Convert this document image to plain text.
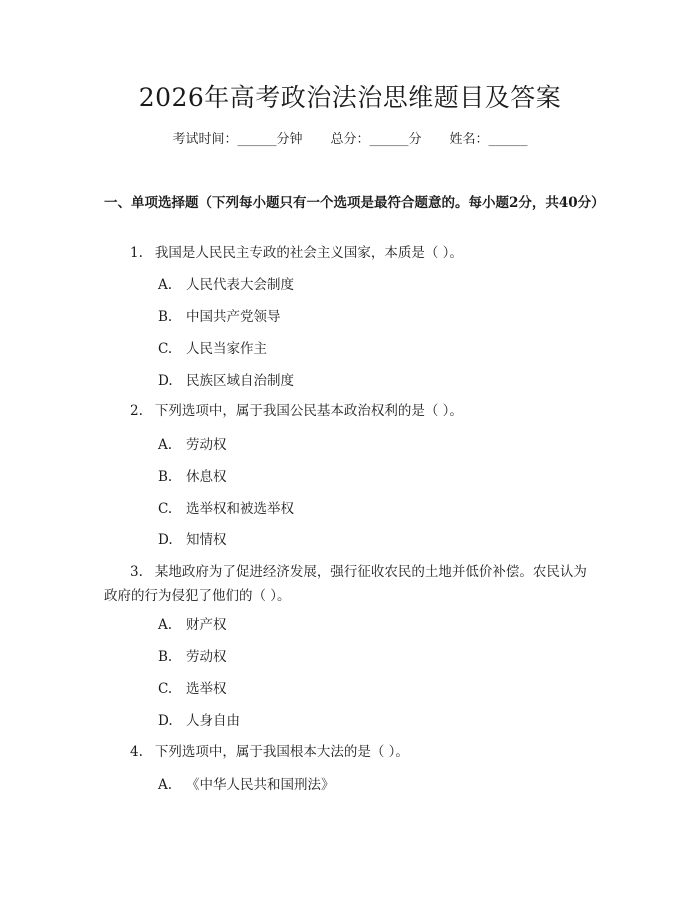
2026年高考政治法治思维题目及答案
考试时间：______分钟 总分：______分 姓名：______
一、单项选择题（下列每小题只有一个选项是最符合题意的。每小题2分，共40分）
1. 我国是人民民主专政的社会主义国家，本质是（ ）。
A. 人民代表大会制度
B. 中国共产党领导
C. 人民当家作主
D. 民族区域自治制度
2. 下列选项中，属于我国公民基本政治权利的是（ ）。
A. 劳动权
B. 休息权
C. 选举权和被选举权
D. 知情权
3. 某地政府为了促进经济发展，强行征收农民的土地并低价补偿。农民认为政府的行为侵犯了他们的（ ）。
A. 财产权
B. 劳动权
C. 选举权
D. 人身自由
4. 下列选项中，属于我国根本大法的是（ ）。
A. 《中华人民共和国刑法》
